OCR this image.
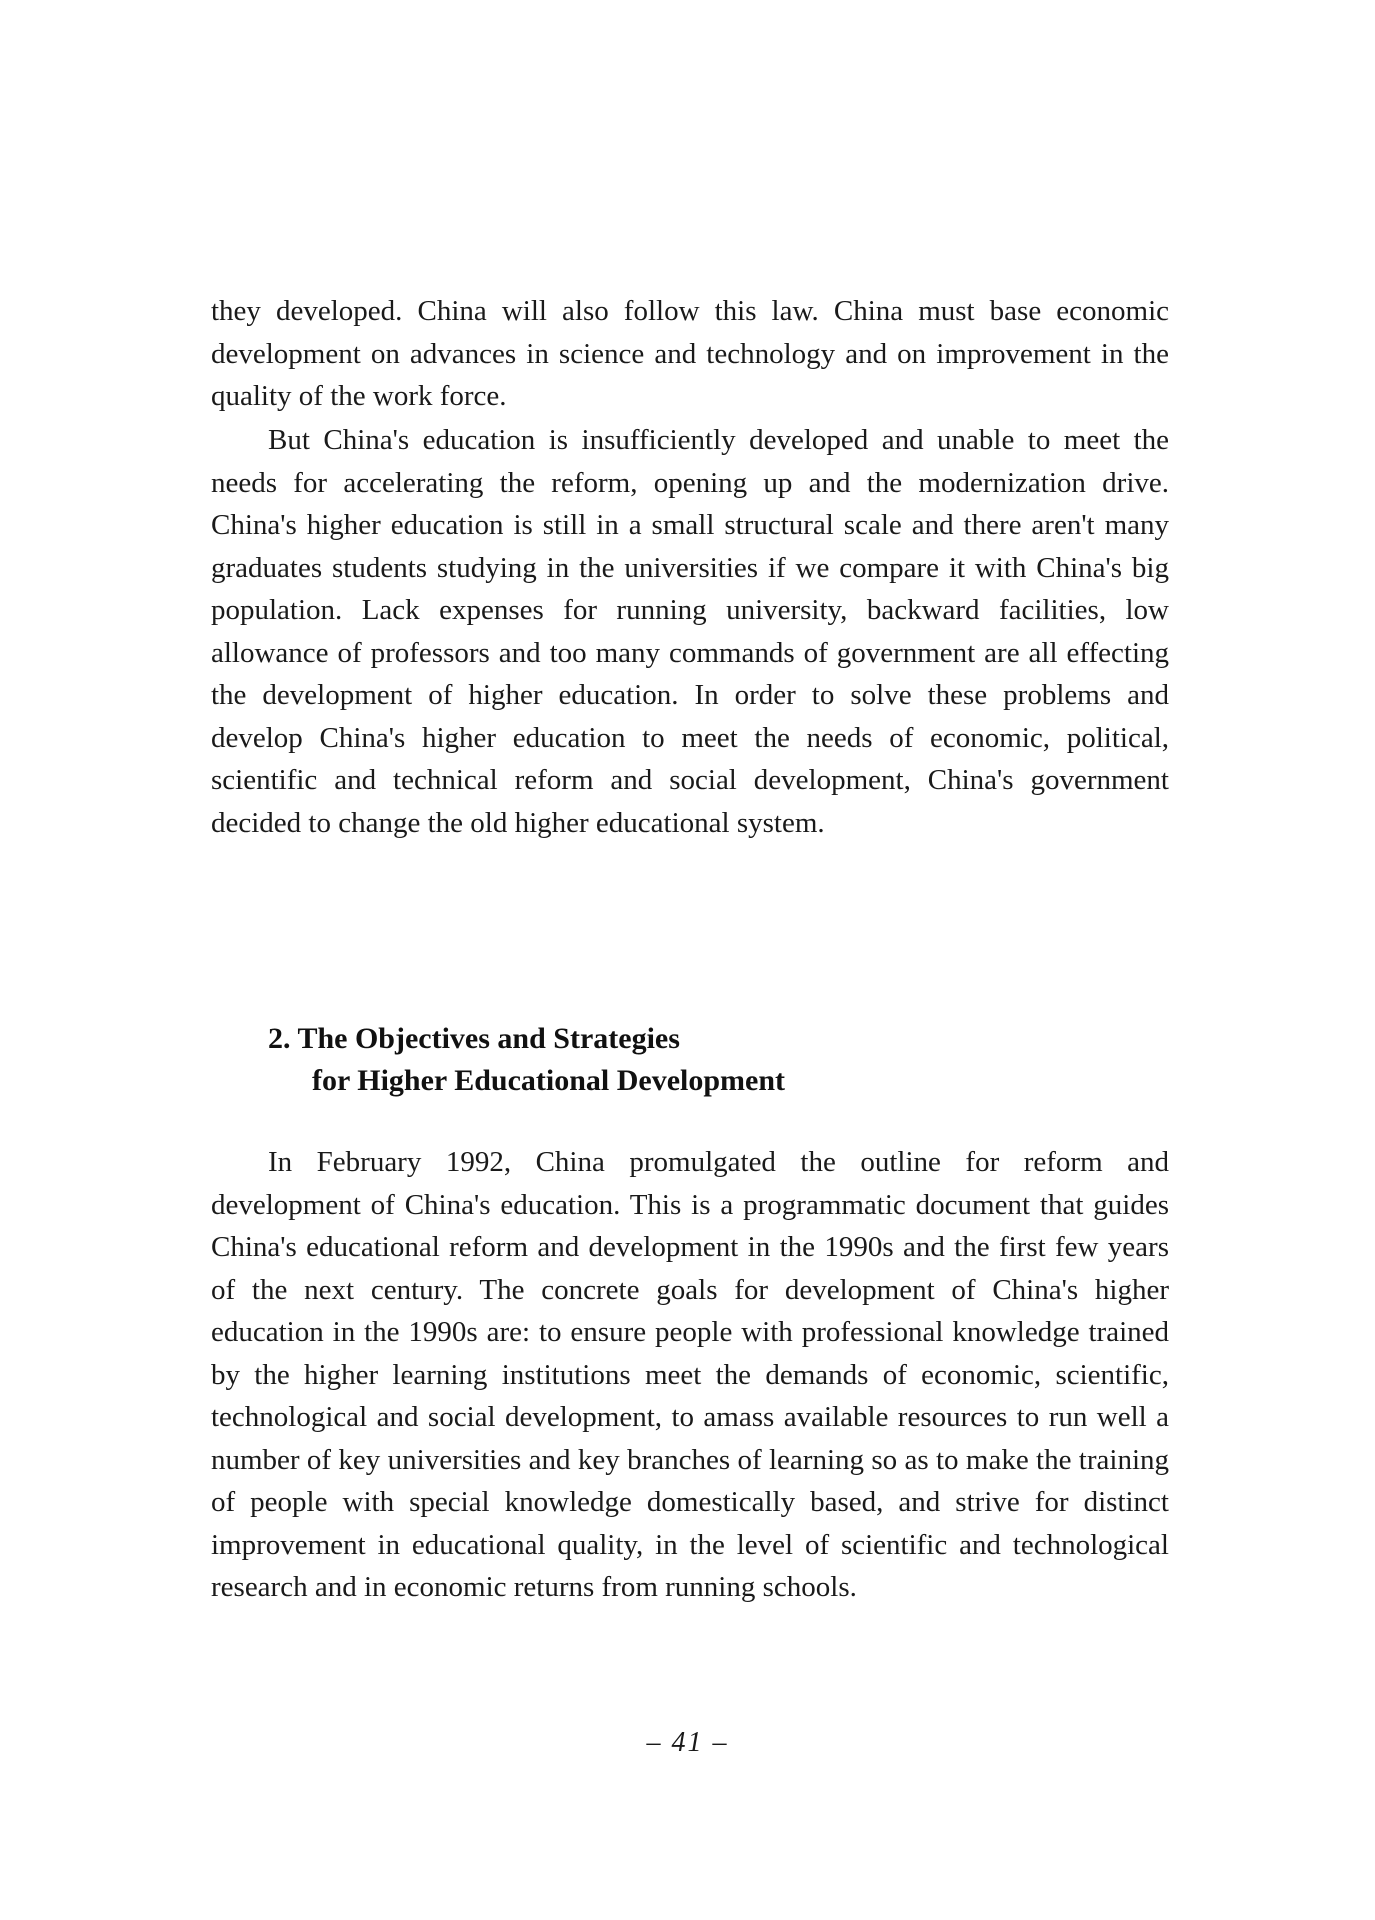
they developed. China will also follow this law. China must base economic development on advances in science and technology and on improvement in the quality of the work force.

But China's education is insufficiently developed and unable to meet the needs for accelerating the reform, opening up and the modernization drive. China's higher education is still in a small structural scale and there aren't many graduates students studying in the universities if we compare it with China's big population. Lack expenses for running university, backward facilities, low allowance of professors and too many commands of government are all effecting the development of higher education. In order to solve these problems and develop China's higher education to meet the needs of economic, political, scientific and technical reform and social development, China's government decided to change the old higher educational system.

2. The Objectives and Strategies
for Higher Educational Development

In February 1992, China promulgated the outline for reform and development of China's education. This is a programmatic document that guides China's educational reform and development in the 1990s and the first few years of the next century. The concrete goals for development of China's higher education in the 1990s are: to ensure people with professional knowledge trained by the higher learning institutions meet the demands of economic, scientific, technological and social development, to amass available resources to run well a number of key universities and key branches of learning so as to make the training of people with special knowledge domestically based, and strive for distinct improvement in educational quality, in the level of scientific and technological research and in economic returns from running schools.

– 41 –
